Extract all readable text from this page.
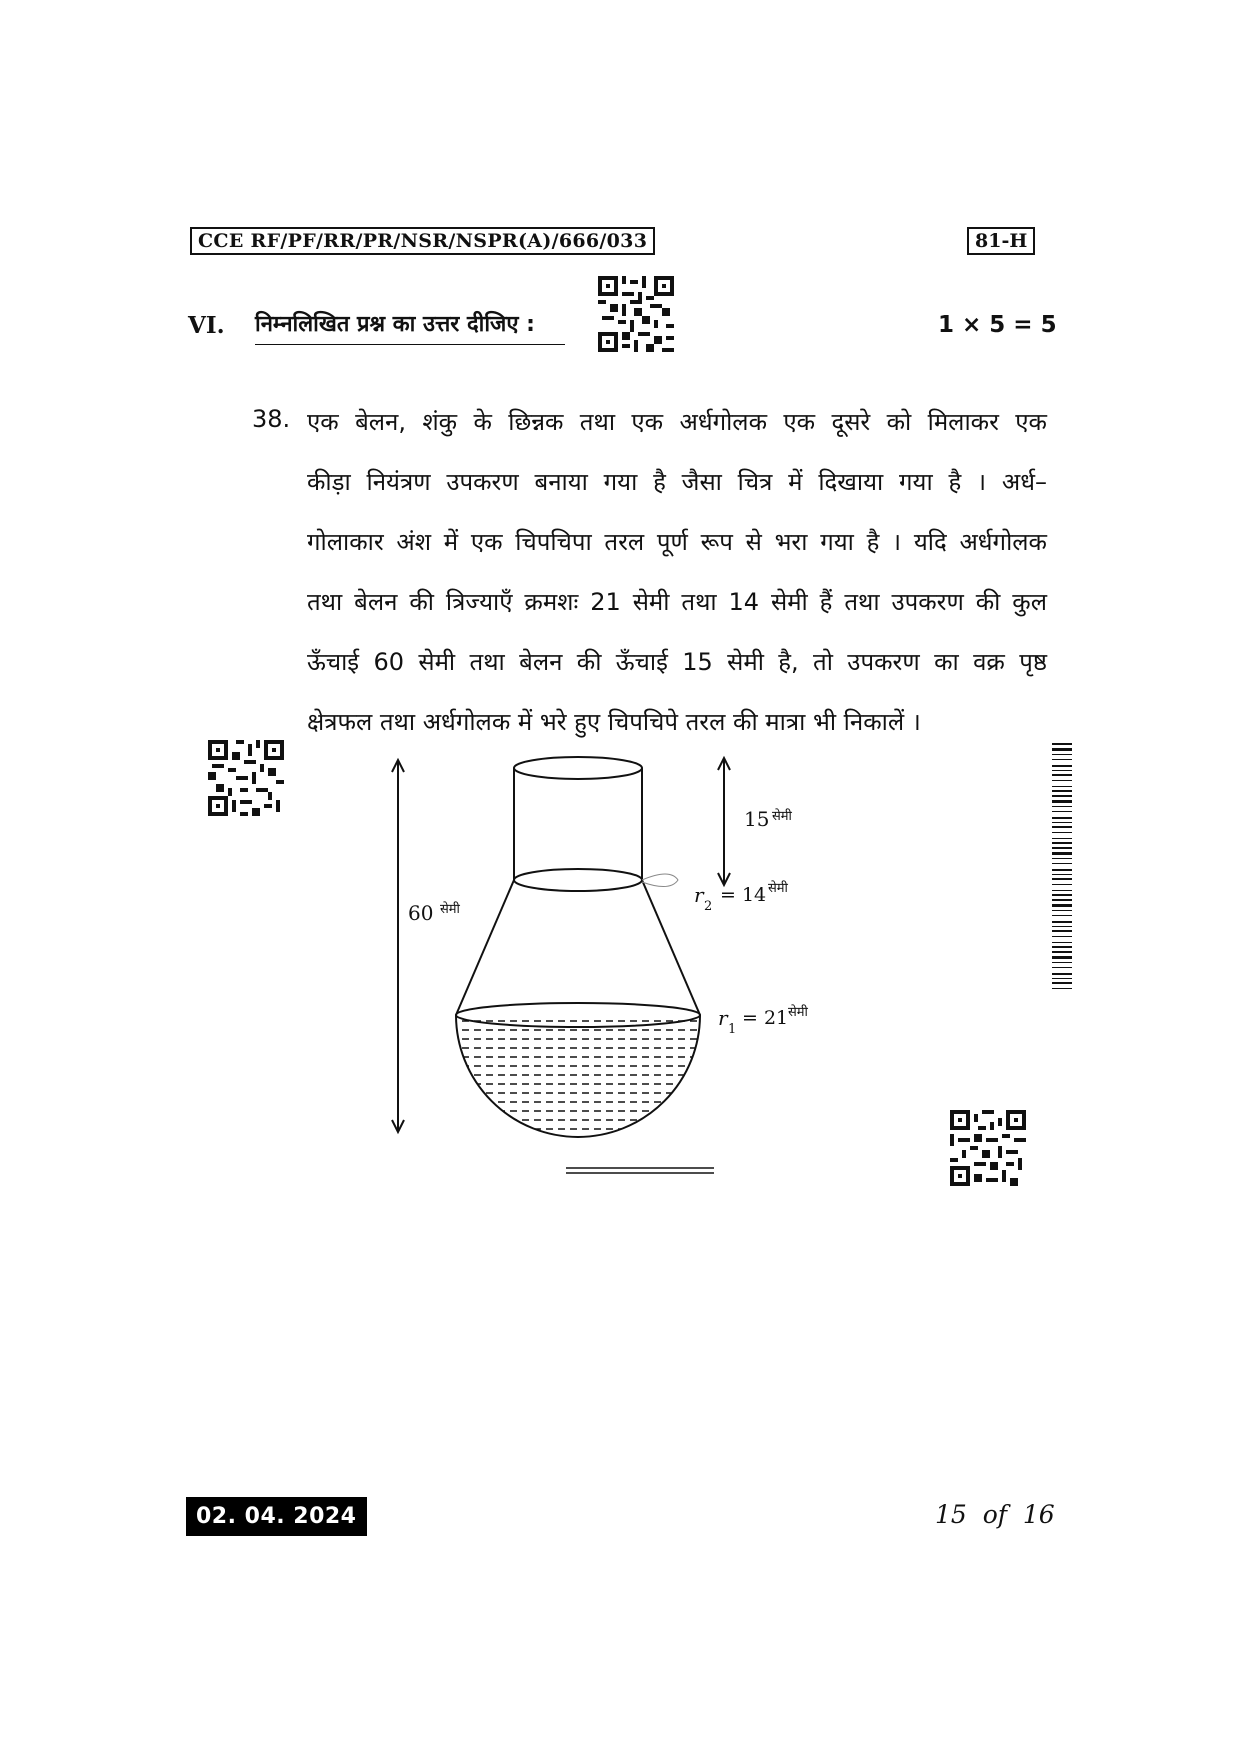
CCE RF/PF/RR/PR/NSR/NSPR(A)/666/033	81-H
VI. निम्नलिखित प्रश्न का उत्तर दीजिए :	1 × 5 = 5
38. एक बेलन, शंकु के छिन्नक तथा एक अर्धगोलक एक दूसरे को मिलाकर एक
कीड़ा नियंत्रण उपकरण बनाया गया है जैसा चित्र में दिखाया गया है । अर्ध–
गोलाकार अंश में एक चिपचिपा तरल पूर्ण रूप से भरा गया है । यदि अर्धगोलक
तथा बेलन की त्रिज्याएँ क्रमशः 21 सेमी तथा 14 सेमी हैं तथा उपकरण की कुल
ऊँचाई 60 सेमी तथा बेलन की ऊँचाई 15 सेमी है, तो उपकरण का वक्र पृष्ठ
क्षेत्रफल तथा अर्धगोलक में भरे हुए चिपचिपे तरल की मात्रा भी निकालें ।
60 सेमी
15 सेमी
r 2
= 14 सेमी
r 1
= 21 सेमी
02. 04. 2024	15  of  16
